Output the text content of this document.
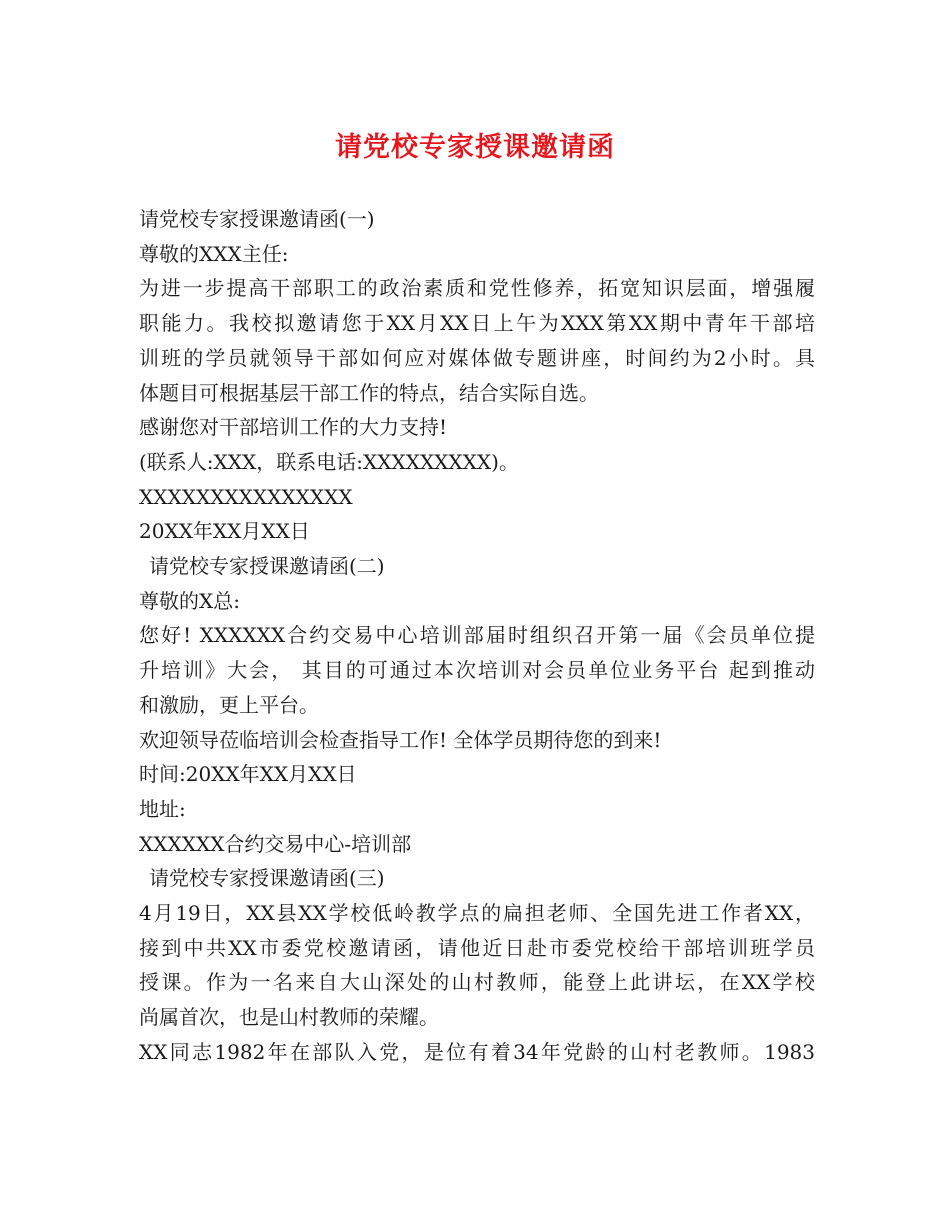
请党校专家授课邀请函
请党校专家授课邀请函(一)
尊敬的XXX主任:
为进一步提高干部职工的政治素质和党性修养，拓宽知识层面，增强履
职能力。我校拟邀请您于XX月XX日上午为XXX第XX期中青年干部培
训班的学员就领导干部如何应对媒体做专题讲座，时间约为2小时。具
体题目可根据基层干部工作的特点，结合实际自选。
感谢您对干部培训工作的大力支持!
(联系人:XXX，联系电话:XXXXXXXXX)。
XXXXXXXXXXXXXXX
20XX年XX月XX日
请党校专家授课邀请函(二)
尊敬的X总:
您好! XXXXXX合约交易中心培训部届时组织召开第一届《会员单位提
升培训》大会， 其目的可通过本次培训对会员单位业务平台 起到推动
和激励，更上平台。
欢迎领导莅临培训会检查指导工作! 全体学员期待您的到来!
时间:20XX年XX月XX日
地址:
XXXXXX合约交易中心-培训部
请党校专家授课邀请函(三)
4月19日，XX县XX学校低岭教学点的扁担老师、全国先进工作者XX，
接到中共XX市委党校邀请函，请他近日赴市委党校给干部培训班学员
授课。作为一名来自大山深处的山村教师，能登上此讲坛，在XX学校
尚属首次，也是山村教师的荣耀。
XX同志1982年在部队入党，是位有着34年党龄的山村老教师。1983
